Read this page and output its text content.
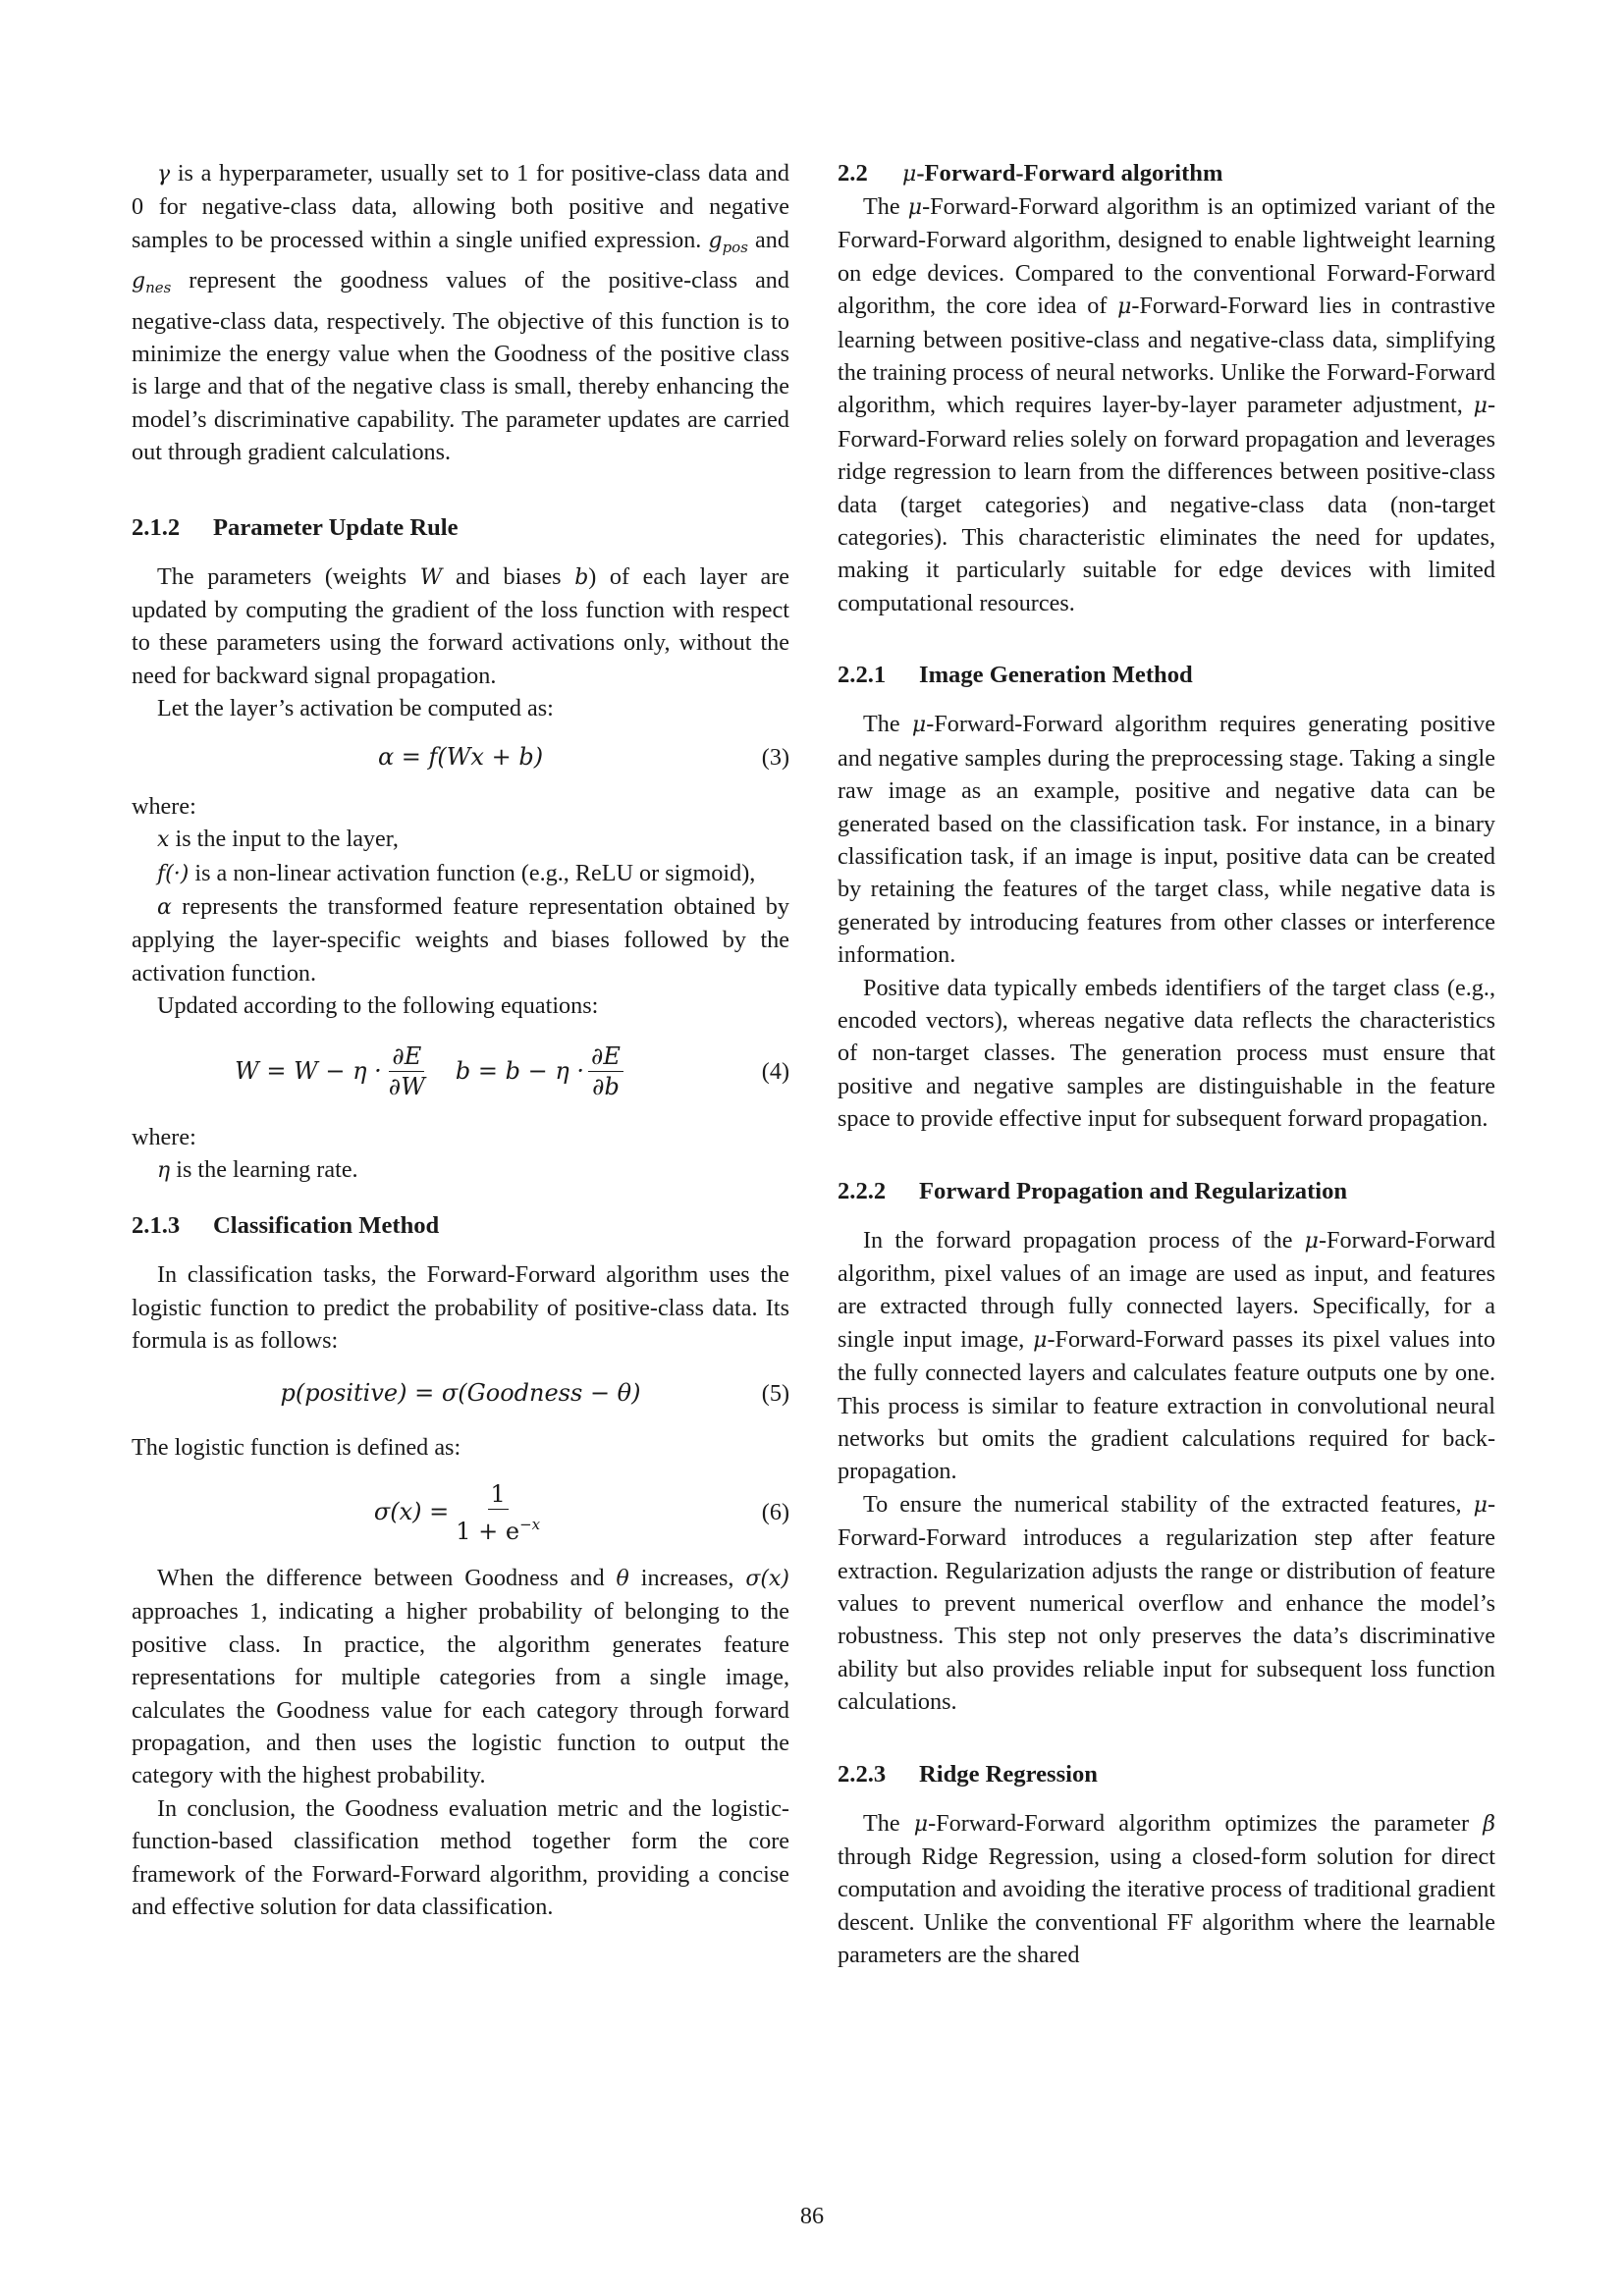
γ is a hyperparameter, usually set to 1 for positive-class data and 0 for negative-class data, allowing both positive and negative samples to be processed within a single unified expression. $g_{pos}$ and $g_{nes}$ represent the goodness values of the positive-class and negative-class data, respectively. The objective of this function is to minimize the energy value when the Goodness of the positive class is large and that of the negative class is small, thereby enhancing the model’s discriminative capability. The parameter updates are carried out through gradient calculations.

2.1.2 Parameter Update Rule

The parameters (weights W and biases b) of each layer are updated by computing the gradient of the loss function with respect to these parameters using the forward activations only, without the need for backward signal propagation.

Let the layer’s activation be computed as:

α = f(Wx + b)	(3)

where:

x is the input to the layer,

f(·) is a non-linear activation function (e.g., ReLU or sigmoid),

α represents the transformed feature representation obtained by applying the layer-specific weights and biases followed by the activation function.

Updated according to the following equations:

$W = W - \eta \cdot \frac{\partial E}{\partial W}$ $b = b - \eta \cdot \frac{\partial E}{\partial b}$	(4)

where:

η is the learning rate.

2.1.3 Classification Method

In classification tasks, the Forward-Forward algorithm uses the logistic function to predict the probability of positive-class data. Its formula is as follows:

p(positive) = σ(Goodness − θ)	(5)

The logistic function is defined as:

$\sigma(x) = \frac{1}{1 + e^{-x}}$	(6)

When the difference between Goodness and θ increases, σ(x) approaches 1, indicating a higher probability of belonging to the positive class. In practice, the algorithm generates feature representations for multiple categories from a single image, calculates the Goodness value for each category through forward propagation, and then uses the logistic function to output the category with the highest probability.

In conclusion, the Goodness evaluation metric and the logistic-function-based classification method together form the core framework of the Forward-Forward algorithm, providing a concise and effective solution for data classification.

2.2 μ-Forward-Forward algorithm

The μ-Forward-Forward algorithm is an optimized variant of the Forward-Forward algorithm, designed to enable lightweight learning on edge devices. Compared to the conventional Forward-Forward algorithm, the core idea of μ-Forward-Forward lies in contrastive learning between positive-class and negative-class data, simplifying the training process of neural networks. Unlike the Forward-Forward algorithm, which requires layer-by-layer parameter adjustment, μ-Forward-Forward relies solely on forward propagation and leverages ridge regression to learn from the differences between positive-class data (target categories) and negative-class data (non-target categories). This characteristic eliminates the need for updates, making it particularly suitable for edge devices with limited computational resources.

2.2.1 Image Generation Method

The μ-Forward-Forward algorithm requires generating positive and negative samples during the preprocessing stage. Taking a single raw image as an example, positive and negative data can be generated based on the classification task. For instance, in a binary classification task, if an image is input, positive data can be created by retaining the features of the target class, while negative data is generated by introducing features from other classes or interference information.

Positive data typically embeds identifiers of the target class (e.g., encoded vectors), whereas negative data reflects the characteristics of non-target classes. The generation process must ensure that positive and negative samples are distinguishable in the feature space to provide effective input for subsequent forward propagation.

2.2.2 Forward Propagation and Regularization

In the forward propagation process of the μ-Forward-Forward algorithm, pixel values of an image are used as input, and features are extracted through fully connected layers. Specifically, for a single input image, μ-Forward-Forward passes its pixel values into the fully connected layers and calculates feature outputs one by one. This process is similar to feature extraction in convolutional neural networks but omits the gradient calculations required for backpropagation.

To ensure the numerical stability of the extracted features, μ-Forward-Forward introduces a regularization step after feature extraction. Regularization adjusts the range or distribution of feature values to prevent numerical overflow and enhance the model’s robustness. This step not only preserves the data’s discriminative ability but also provides reliable input for subsequent loss function calculations.

2.2.3 Ridge Regression

The μ-Forward-Forward algorithm optimizes the parameter β through Ridge Regression, using a closed-form solution for direct computation and avoiding the iterative process of traditional gradient descent. Unlike the conventional FF algorithm where the learnable parameters are the shared

86
